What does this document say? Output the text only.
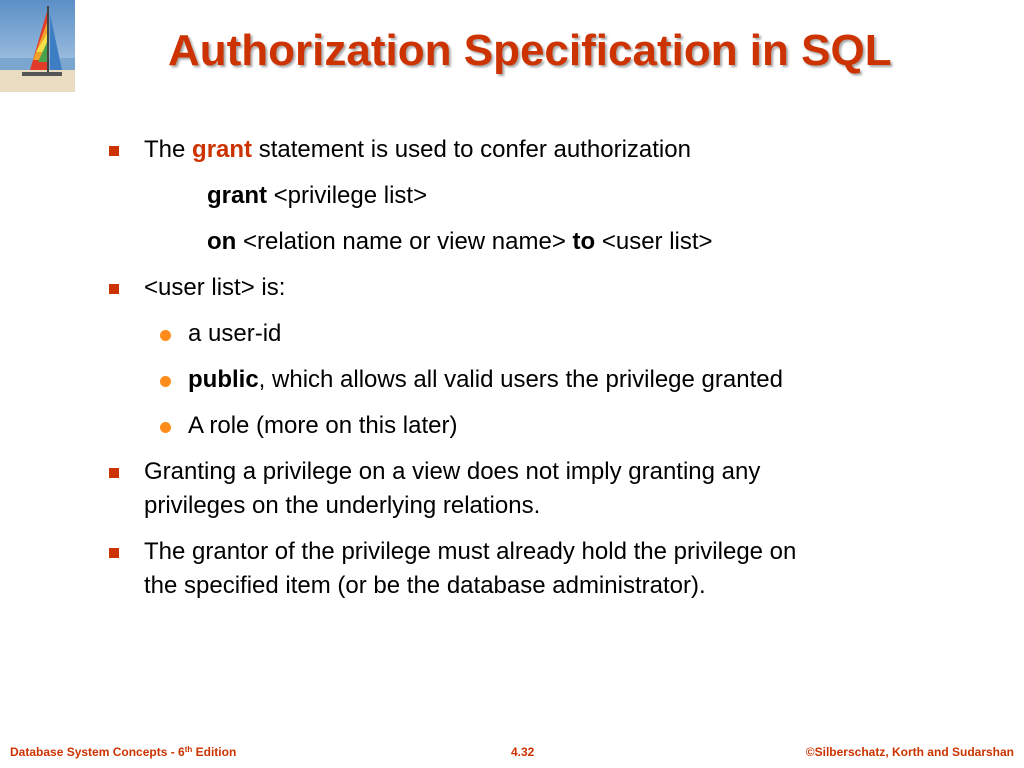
Authorization Specification in SQL
The grant statement is used to confer authorization
grant <privilege list>
on <relation name or view name> to <user list>
<user list> is:
a user-id
public, which allows all valid users the privilege granted
A role (more on this later)
Granting a privilege on a view does not imply granting any
privileges on the underlying relations.
The grantor of the privilege must already hold the privilege on
the specified item (or be the database administrator).
Database System Concepts - 6th Edition	4.32	©Silberschatz, Korth and Sudarshan
